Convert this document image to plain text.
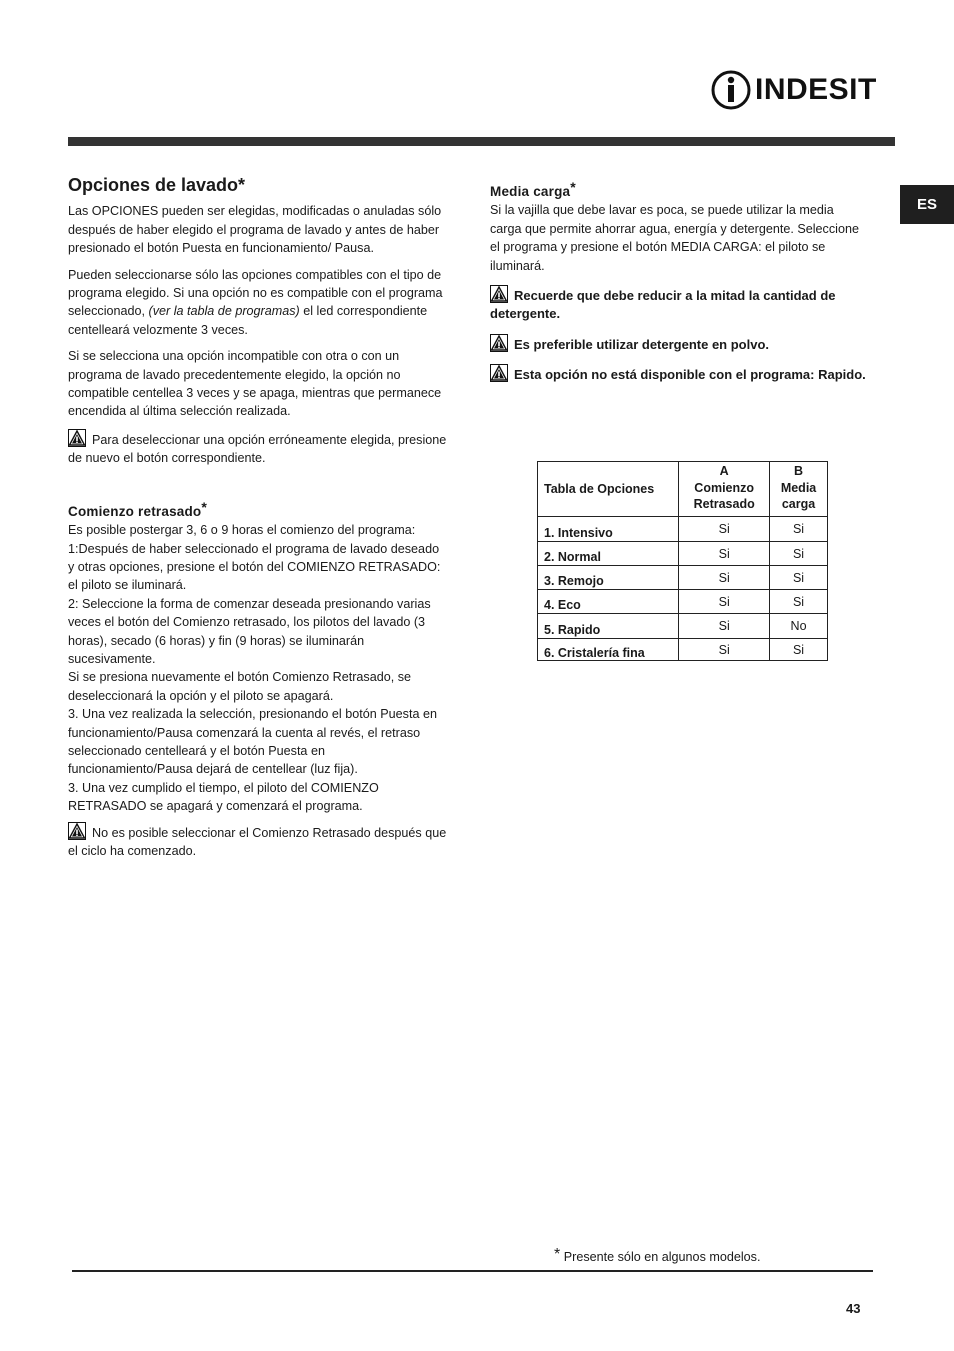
INDESIT
ES
Opciones de lavado*

Las OPCIONES pueden ser elegidas, modificadas o anuladas sólo después de haber elegido el programa de lavado y antes de haber presionado el botón Puesta en funcionamiento/ Pausa.

Pueden seleccionarse sólo las opciones compatibles con el tipo de programa elegido. Si una opción no es compatible con el programa seleccionado, (ver la tabla de programas) el led correspondiente centelleará velozmente 3 veces.

Si se selecciona una opción incompatible con otra o con un programa de lavado precedentemente elegido, la opción no compatible centellea 3 veces y se apaga, mientras que permanece encendida al última selección realizada.

Para deseleccionar una opción erróneamente elegida, presione de nuevo el botón correspondiente.

Comienzo retrasado*
Es posible postergar 3, 6 o 9 horas el comienzo del programa:
1:Después de haber seleccionado el programa de lavado deseado y otras opciones, presione el botón del COMIENZO RETRASADO: el piloto se iluminará.
2: Seleccione la forma de comenzar deseada presionando varias veces el botón del Comienzo retrasado, los pilotos del lavado (3 horas), secado (6 horas) y fin (9 horas) se iluminarán sucesivamente.
Si se presiona nuevamente el botón Comienzo Retrasado, se deseleccionará la opción y el piloto se apagará.
3. Una vez realizada la selección, presionando el botón Puesta en funcionamiento/Pausa comenzará la cuenta al revés, el retraso seleccionado centelleará y el botón Puesta en funcionamiento/Pausa dejará de centellear (luz fija).
3. Una vez cumplido el tiempo, el piloto del COMIENZO RETRASADO se apagará y comenzará el programa.

No es posible seleccionar el Comienzo Retrasado después que el ciclo ha comenzado.

Media carga*

Si la vajilla que debe lavar es poca, se puede utilizar la media carga que permite ahorrar agua, energía y detergente. Seleccione el programa y presione el botón MEDIA CARGA: el piloto se iluminará.

Recuerde que debe reducir a la mitad la cantidad de detergente.

Es preferible utilizar detergente en polvo.

Esta opción no está disponible con el programa: Rapido.

Tabla de Opciones	A	B
	Comienzo Retrasado	Media carga
1. Intensivo	Si	Si
2. Normal	Si	Si
3. Remojo	Si	Si
4. Eco	Si	Si
5. Rapido	Si	No
6. Cristalería fina	Si	Si
* Presente sólo en algunos modelos.
43
